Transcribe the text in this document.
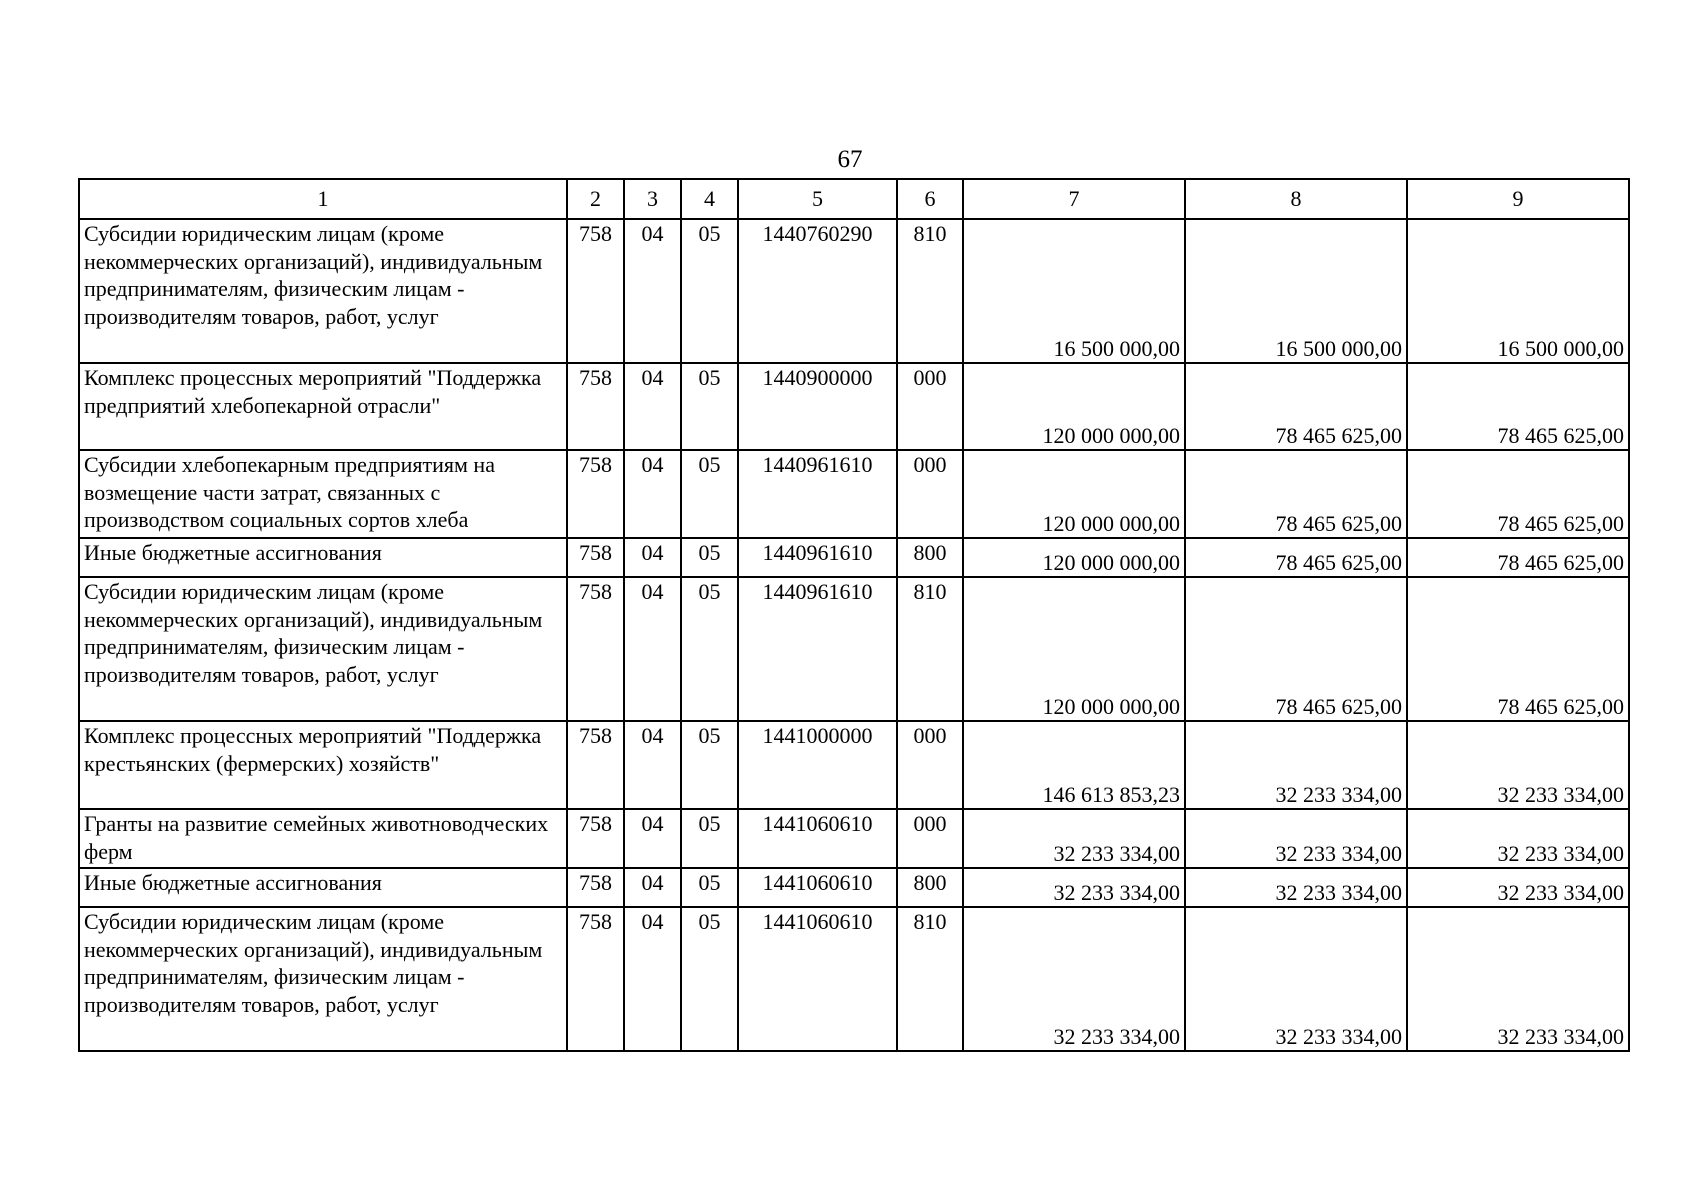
67
1	2	3	4	5	6	7	8	9
Субсидии юридическим лицам (кроме некоммерческих организаций), индивидуальным предпринимателям, физическим лицам - производителям товаров, работ, услуг	758	04	05	1440760290	810	16 500 000,00	16 500 000,00	16 500 000,00
Комплекс процессных мероприятий "Поддержка предприятий хлебопекарной отрасли"	758	04	05	1440900000	000	120 000 000,00	78 465 625,00	78 465 625,00
Субсидии хлебопекарным предприятиям на возмещение части затрат, связанных с производством социальных сортов хлеба	758	04	05	1440961610	000	120 000 000,00	78 465 625,00	78 465 625,00
Иные бюджетные ассигнования	758	04	05	1440961610	800	120 000 000,00	78 465 625,00	78 465 625,00
Субсидии юридическим лицам (кроме некоммерческих организаций), индивидуальным предпринимателям, физическим лицам - производителям товаров, работ, услуг	758	04	05	1440961610	810	120 000 000,00	78 465 625,00	78 465 625,00
Комплекс процессных мероприятий "Поддержка крестьянских (фермерских) хозяйств"	758	04	05	1441000000	000	146 613 853,23	32 233 334,00	32 233 334,00
Гранты на развитие семейных животноводческих ферм	758	04	05	1441060610	000	32 233 334,00	32 233 334,00	32 233 334,00
Иные бюджетные ассигнования	758	04	05	1441060610	800	32 233 334,00	32 233 334,00	32 233 334,00
Субсидии юридическим лицам (кроме некоммерческих организаций), индивидуальным предпринимателям, физическим лицам - производителям товаров, работ, услуг	758	04	05	1441060610	810	32 233 334,00	32 233 334,00	32 233 334,00
